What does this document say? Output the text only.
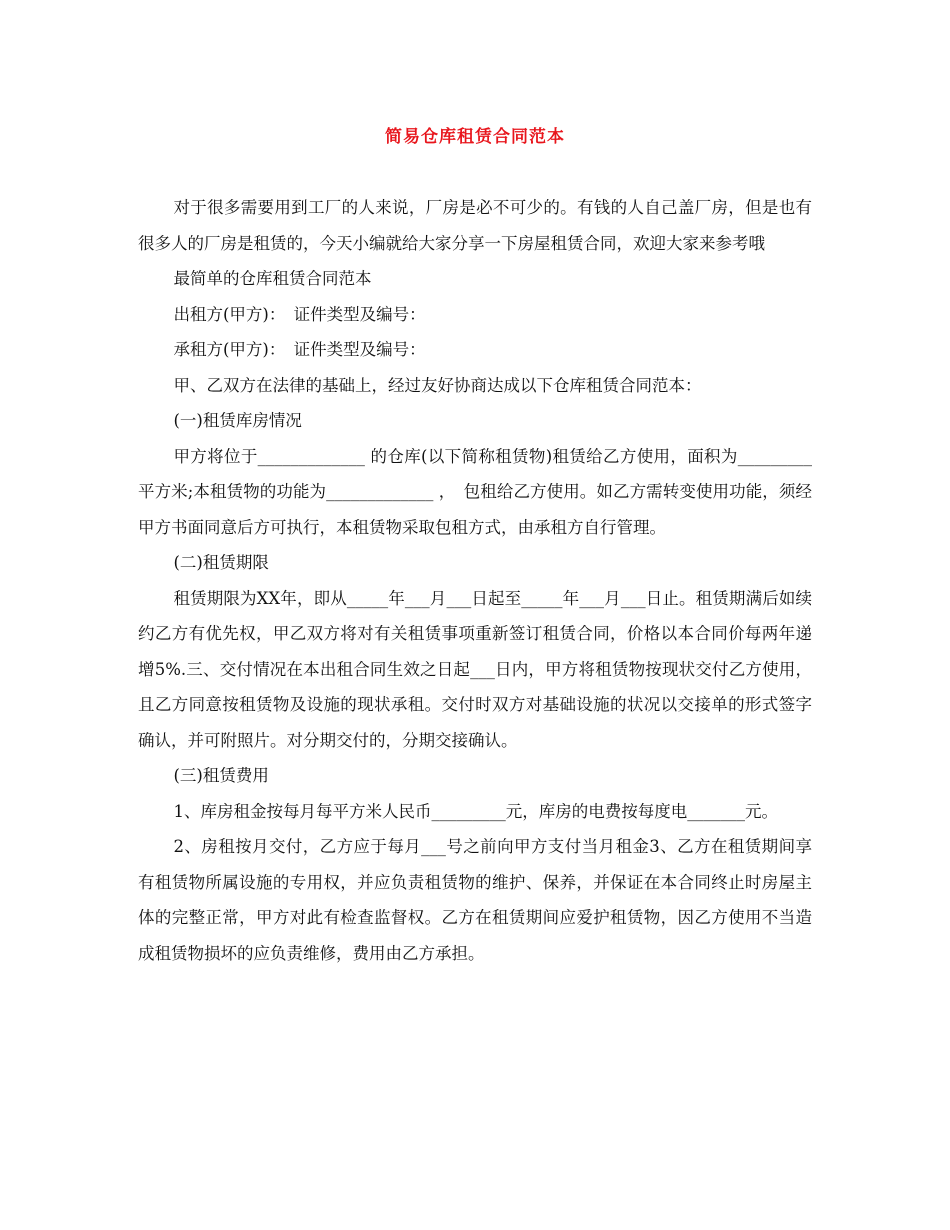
简易仓库租赁合同范本

对于很多需要用到工厂的人来说，厂房是必不可少的。有钱的人自己盖厂房，但是也有很多人的厂房是租赁的，今天小编就给大家分享一下房屋租赁合同，欢迎大家来参考哦

最简单的仓库租赁合同范本

出租方(甲方)：　证件类型及编号：

承租方(甲方)：　证件类型及编号：

甲、乙双方在法律的基础上，经过友好协商达成以下仓库租赁合同范本：

(一)租赁库房情况

甲方将位于_____________ 的仓库(以下简称租赁物)租赁给乙方使用，面积为_________平方米;本租赁物的功能为_____________ ，　包租给乙方使用。如乙方需转变使用功能，须经甲方书面同意后方可执行，本租赁物采取包租方式，由承租方自行管理。

(二)租赁期限

租赁期限为XX年，即从_____年___月___日起至_____年___月___日止。租赁期满后如续约乙方有优先权，甲乙双方将对有关租赁事项重新签订租赁合同，价格以本合同价每两年递增5%.三、交付情况在本出租合同生效之日起___日内，甲方将租赁物按现状交付乙方使用，且乙方同意按租赁物及设施的现状承租。交付时双方对基础设施的状况以交接单的形式签字确认，并可附照片。对分期交付的，分期交接确认。

(三)租赁费用

1、库房租金按每月每平方米人民币_________元，库房的电费按每度电_______元。

2、房租按月交付，乙方应于每月___号之前向甲方支付当月租金3、乙方在租赁期间享有租赁物所属设施的专用权，并应负责租赁物的维护、保养，并保证在本合同终止时房屋主体的完整正常，甲方对此有检查监督权。乙方在租赁期间应爱护租赁物，因乙方使用不当造成租赁物损坏的应负责维修，费用由乙方承担。
